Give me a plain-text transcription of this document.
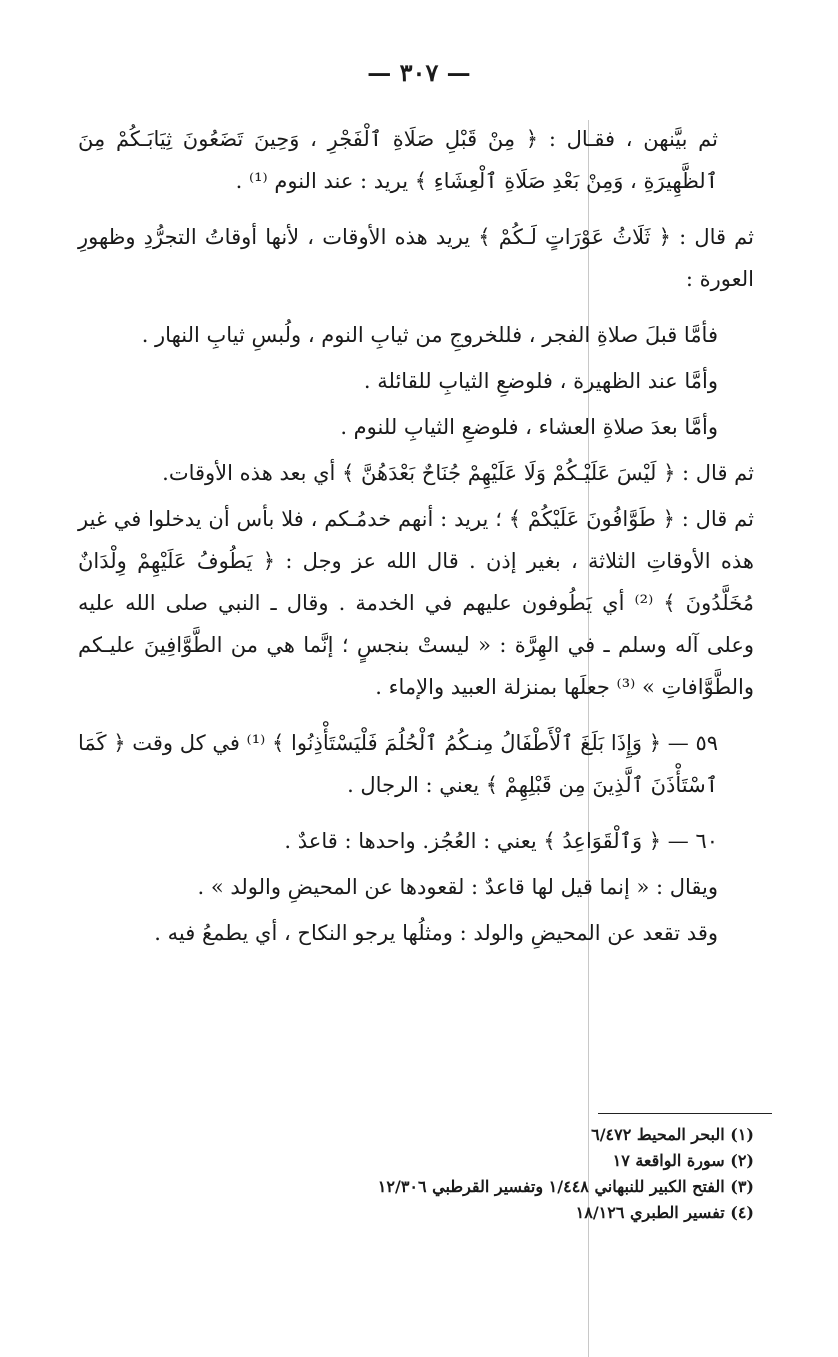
— ٣٠٧ —

ثم بيَّنهن ، فقـال : ﴿ مِنْ قَبْلِ صَلَاةِ ٱلْفَجْرِ ، وَحِينَ تَضَعُونَ ثِيَابَـكُمْ مِنَ ٱلظَّهِيرَةِ ، وَمِنْ بَعْدِ صَلَاةِ ٱلْعِشَاءِ ﴾ يريد : عند النوم ⁽¹⁾ .

ثم قال : ﴿ ثَلَاثُ عَوْرَاتٍ لَـكُمْ ﴾ يريد هذه الأوقات ، لأنها أوقاتُ التجرُّدِ وظهورِ العورة :

فأمَّا قبلَ صلاةِ الفجر ، فللخروجِ من ثيابِ النوم ، ولُبسِ ثيابِ النهار .

وأمَّا عند الظهيرة ، فلوضعِ الثيابِ للقائلة .

وأمَّا بعدَ صلاةِ العشاء ، فلوضعِ الثيابِ للنوم .

ثم قال : ﴿ لَيْسَ عَلَيْـكُمْ وَلَا عَلَيْهِمْ جُنَاحٌ بَعْدَهُنَّ ﴾ أي بعد هذه الأوقات.

ثم قال : ﴿ طَوَّافُونَ عَلَيْكُمْ ﴾ ؛ يريد : أنهم خدمُـكم ، فلا بأس أن يدخلوا في غير هذه الأوقاتِ الثلاثة ، بغير إذن . قال الله عز وجل : ﴿ يَطُوفُ عَلَيْهِمْ وِلْدَانٌ مُخَلَّدُونَ ﴾ ⁽²⁾ أي يَطُوفون عليهم في الخدمة . وقال ـ النبي صلى الله عليه وعلى آله وسلم ـ في الهِرَّة : « ليستْ بنجسٍ ؛ إنَّما هي من الطَّوَّافِينَ عليـكم والطَّوَّافاتِ » ⁽³⁾ جعلَها بمنزلة العبيد والإماء .

٥٩ — ﴿ وَإِذَا بَلَغَ ٱلْأَطْفَالُ مِنـكُمُ ٱلْحُلُمَ فَلْيَسْتَأْذِنُوا ﴾ ⁽¹⁾ في كل وقت ﴿ كَمَا ٱسْتَأْذَنَ ٱلَّذِينَ مِن قَبْلِهِمْ ﴾ يعني : الرجال .

٦٠ — ﴿ وَٱلْقَوَاعِدُ ﴾ يعني : العُجُز. واحدها : قاعدٌ .

ويقال : « إنما قيل لها قاعدٌ : لقعودها عن المحيضِ والولد » .

وقد تقعد عن المحيضِ والولد : ومثلُها يرجو النكاح ، أي يطمعُ فيه .

(١) البحر المحيط ٦/٤٧٢
(٢) سورة الواقعة ١٧
(٣) الفتح الكبير للنبهاني ١/٤٤٨ وتفسير القرطبي ١٢/٣٠٦
(٤) تفسير الطبري ١٨/١٢٦
